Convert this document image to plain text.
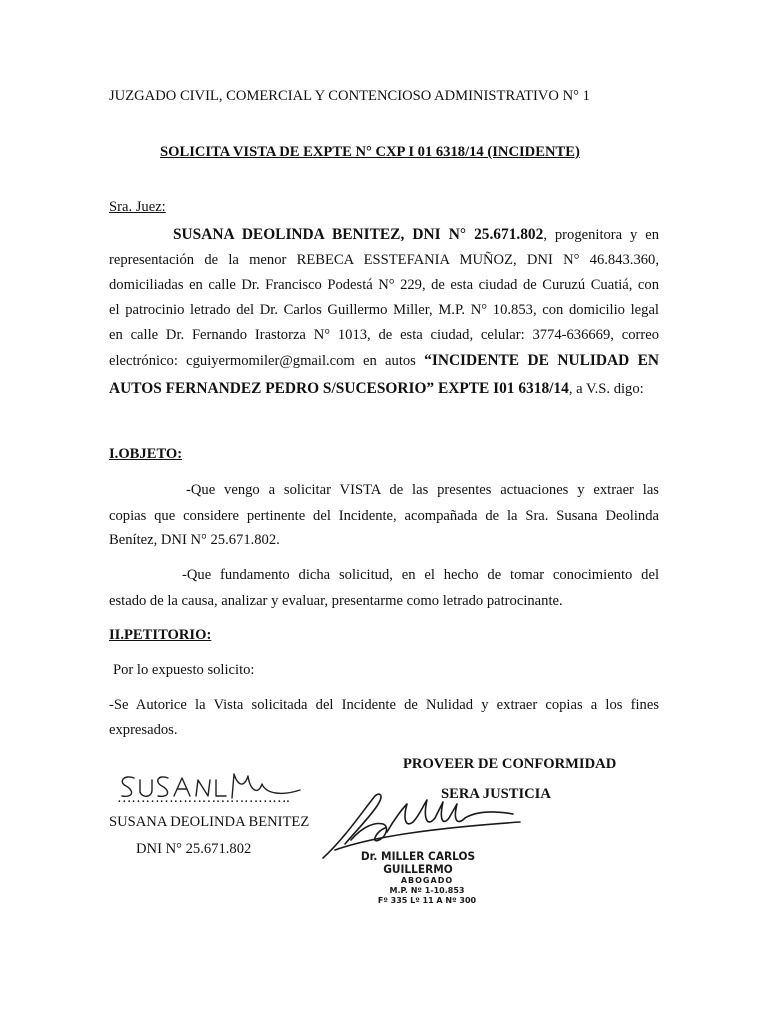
JUZGADO CIVIL, COMERCIAL Y CONTENCIOSO ADMINISTRATIVO N° 1
SOLICITA VISTA DE EXPTE N° CXP I 01 6318/14 (INCIDENTE)
Sra. Juez:
SUSANA DEOLINDA BENITEZ, DNI N° 25.671.802, progenitora y en
representación de la menor REBECA ESSTEFANIA MUÑOZ, DNI N° 46.843.360,
domiciliadas en calle Dr. Francisco Podestá N° 229, de esta ciudad de Curuzú Cuatiá, con
el patrocinio letrado del Dr. Carlos Guillermo Miller, M.P. N° 10.853, con domicilio legal
en calle Dr. Fernando Irastorza N° 1013, de esta ciudad, celular: 3774-636669, correo
electrónico: cguiyermomiler@gmail.com en autos “INCIDENTE DE NULIDAD EN
AUTOS FERNANDEZ PEDRO S/SUCESORIO” EXPTE I01 6318/14, a V.S. digo:
I.OBJETO:
-Que vengo a solicitar VISTA de las presentes actuaciones y extraer las
copias que considere pertinente del Incidente, acompañada de la Sra. Susana Deolinda
Benítez, DNI N° 25.671.802.
-Que fundamento dicha solicitud, en el hecho de tomar conocimiento del
estado de la causa, analizar y evaluar, presentarme como letrado patrocinante.
II.PETITORIO:
Por lo expuesto solicito:
-Se Autorice la Vista solicitada del Incidente de Nulidad y extraer copias a los fines
expresados.
PROVEER DE CONFORMIDAD
SERA JUSTICIA
……………………………….
SUSANA DEOLINDA BENITEZ
DNI N° 25.671.802	Dr. MILLER CARLOS GUILLERMO
ABOGADO
M.P. Nº 1-10.853
Fº 335 Lº 11 A Nº 300
